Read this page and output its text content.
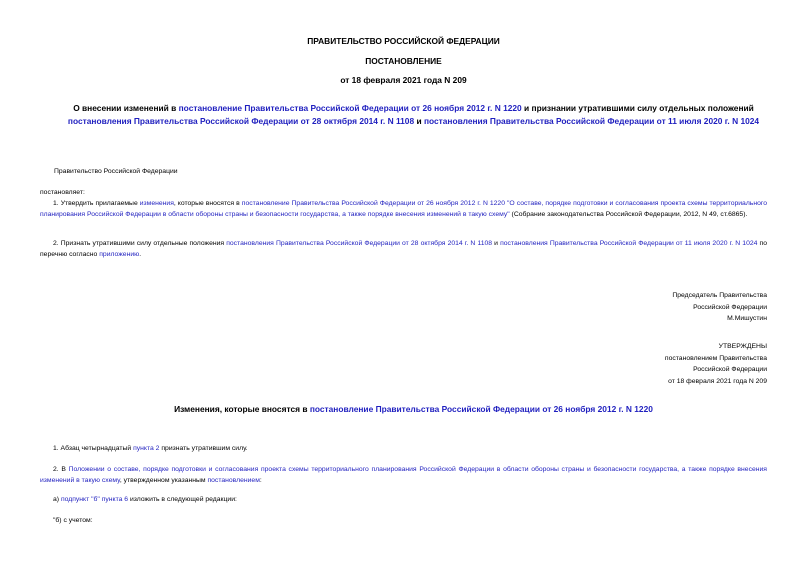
ПРАВИТЕЛЬСТВО РОССИЙСКОЙ ФЕДЕРАЦИИ
ПОСТАНОВЛЕНИЕ
от 18 февраля 2021 года N 209
О внесении изменений в постановление Правительства Российской Федерации от 26 ноября 2012 г. N 1220 и признании утратившими силу отдельных положений постановления Правительства Российской Федерации от 28 октября 2014 г. N 1108 и постановления Правительства Российской Федерации от 11 июля 2020 г. N 1024

Правительство Российской Федерации

постановляет:

1. Утвердить прилагаемые изменения, которые вносятся в постановление Правительства Российской Федерации от 26 ноября 2012 г. N 1220 "О составе, порядке подготовки и согласования проекта схемы территориального планирования Российской Федерации в области обороны страны и безопасности государства, а также порядке внесения изменений в такую схему" (Собрание законодательства Российской Федерации, 2012, N 49, ст.6865).

2. Признать утратившими силу отдельные положения постановления Правительства Российской Федерации от 28 октября 2014 г. N 1108 и постановления Правительства Российской Федерации от 11 июля 2020 г. N 1024 по перечню согласно приложению.

Председатель Правительства
Российской Федерации
М.Мишустин
УТВЕРЖДЕНЫ
постановлением Правительства
Российской Федерации
от 18 февраля 2021 года N 209
Изменения, которые вносятся в постановление Правительства Российской Федерации от 26 ноября 2012 г. N 1220

1. Абзац четырнадцатый пункта 2 признать утратившим силу.

2. В Положении о составе, порядке подготовки и согласования проекта схемы территориального планирования Российской Федерации в области обороны страны и безопасности государства, а также порядке внесения изменений в такую схему, утвержденном указанным постановлением:

а) подпункт "б" пункта 6 изложить в следующей редакции:

"б) с учетом:
